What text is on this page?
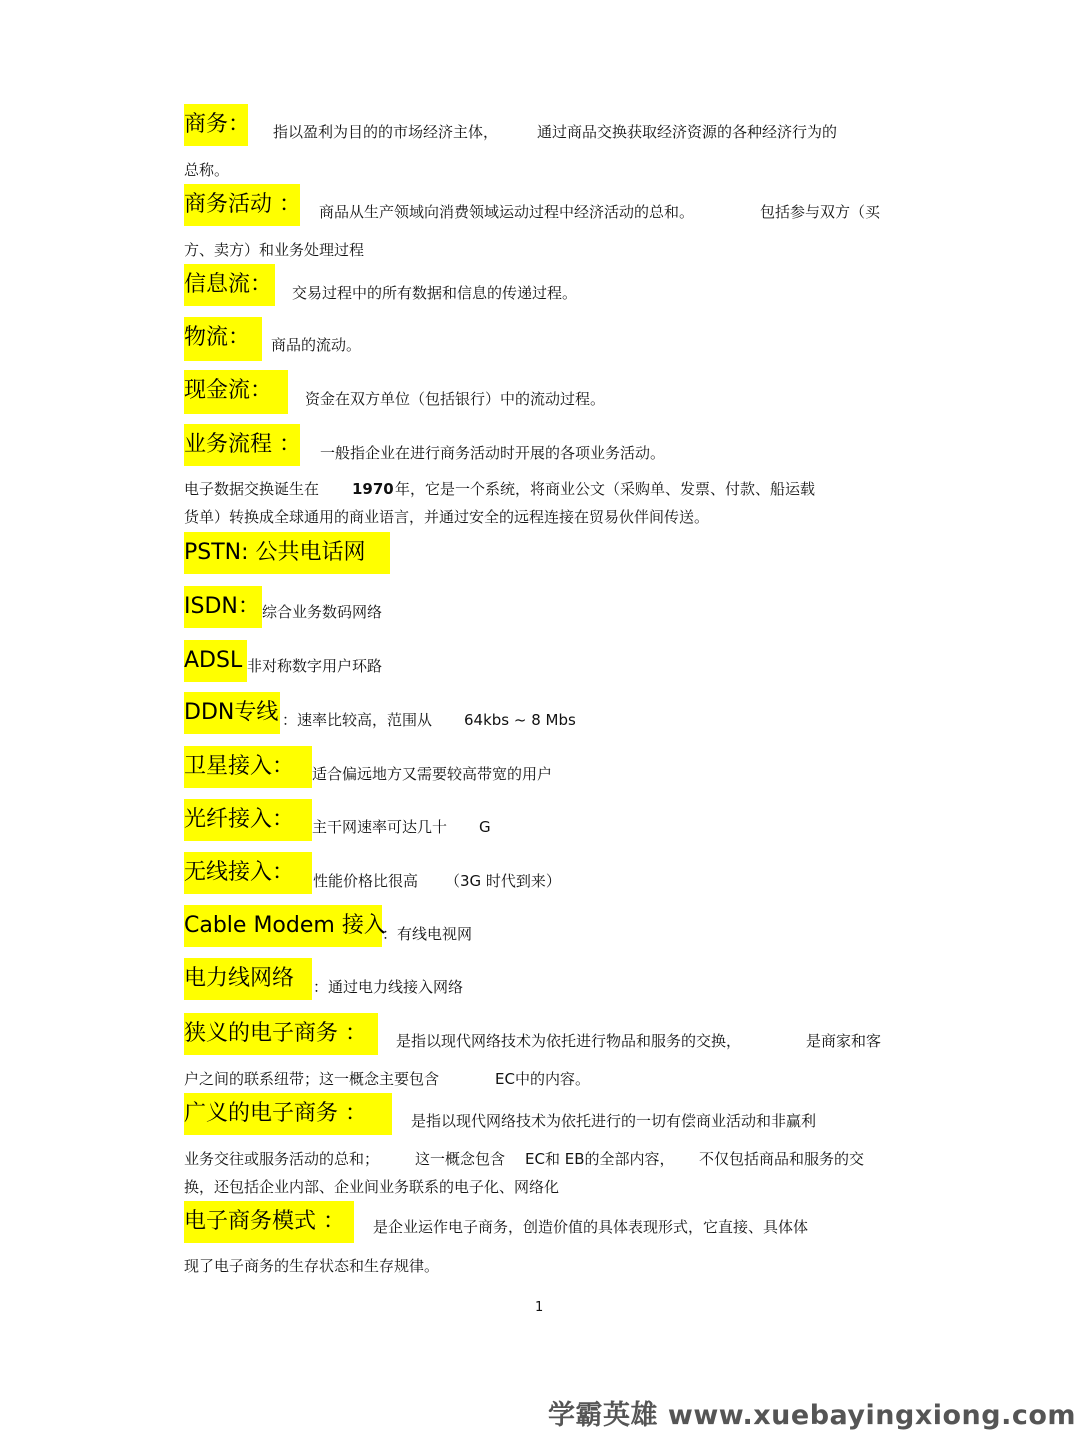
商务： 指以盈利为目的的市场经济主体，	通过商品交换获取经济资源的各种经济行为的
总称。
商务活动 ： 商品从生产领域向消费领域运动过程中经济活动的总和。	包括参与双方（买
方、卖方）和业务处理过程
信息流： 交易过程中的所有数据和信息的传递过程。
物流：	商品的流动。
现金流：	资金在双方单位（包括银行）中的流动过程。
业务流程 ： 一般指企业在进行商务活动时开展的各项业务活动。
电子数据交换诞生在 1970 年，它是一个系统，将商业公文（采购单、发票、付款、船运载
货单）转换成全球通用的商业语言，并通过安全的远程连接在贸易伙伴间传送。
PSTN: 公共电话网
ISDN： 综合业务数码网络
ADSL 非对称数字用户环路
DDN专线 ：速率比较高，范围从 64kbs ~ 8 Mbs
卫星接入：	适合偏远地方又需要较高带宽的用户
光纤接入：	主干网速率可达几十 G
无线接入：	性能价格比很高 （3G 时代到来）
Cable Modem 接入
：有线电视网
电力线网络	：通过电力线接入网络
狭义的电子商务 ：	是指以现代网络技术为依托进行物品和服务的交换，	是商家和客
户之间的联系纽带；这一概念主要包含	EC中的内容。
广义的电子商务 ：	是指以现代网络技术为依托进行的一切有偿商业活动和非赢利
业务交往或服务活动的总和； 这一概念包含 EC和 EB的全部内容， 不仅包括商品和服务的交
换，还包括企业内部、企业间业务联系的电子化、网络化
电子商务模式 ：	是企业运作电子商务，创造价值的具体表现形式，它直接、具体体
现了电子商务的生存状态和生存规律。
1
学霸英雄 www.xuebayingxiong.com
